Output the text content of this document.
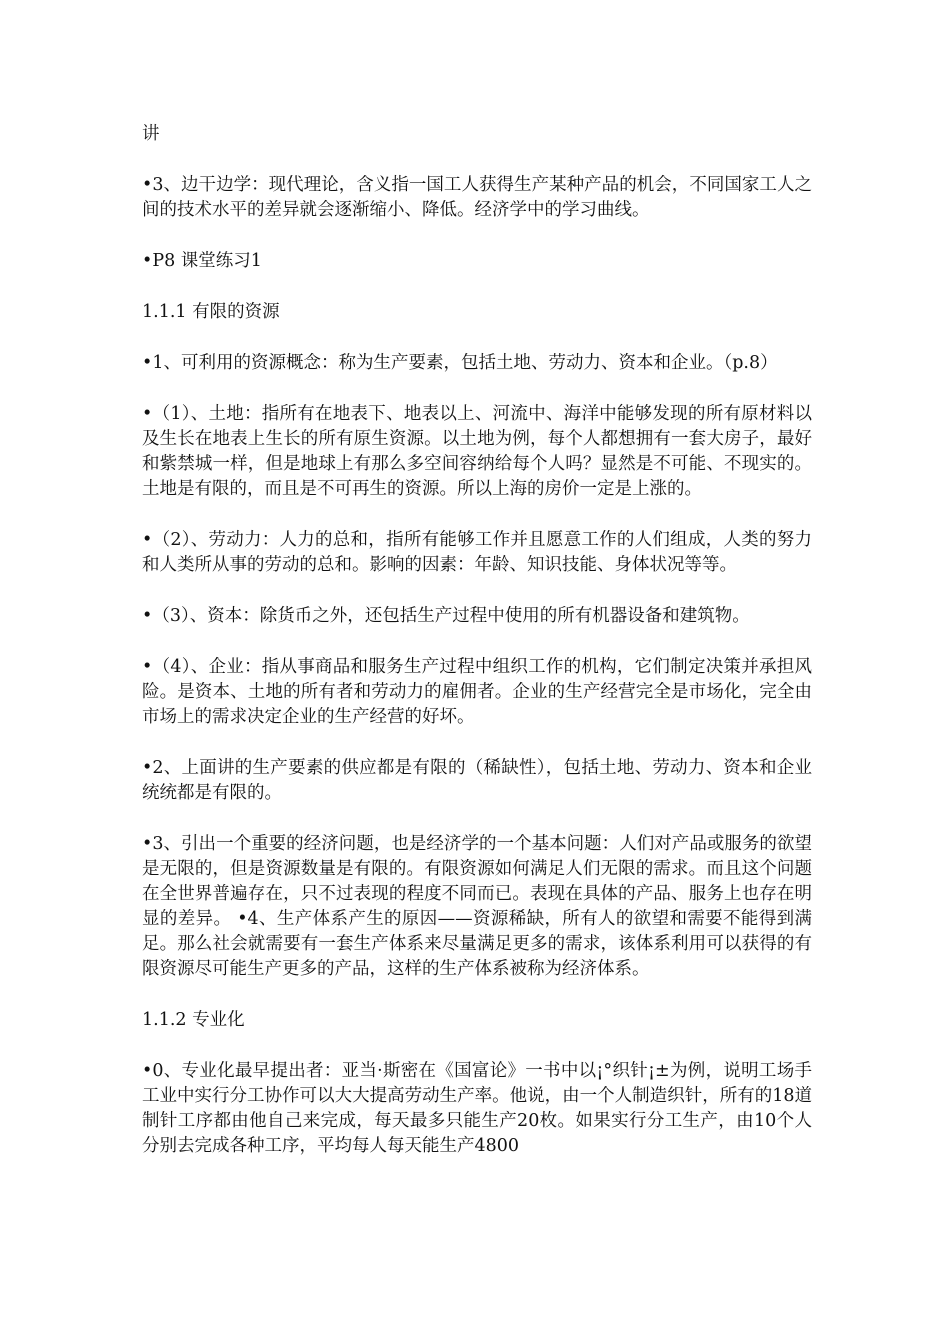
讲

•3、边干边学：现代理论，含义指一国工人获得生产某种产品的机会，不同国家工人之间的技术水平的差异就会逐渐缩小、降低。经济学中的学习曲线。

•P8 课堂练习1

1.1.1 有限的资源

•1、可利用的资源概念：称为生产要素，包括土地、劳动力、资本和企业。（p.8）

•（1）、土地：指所有在地表下、地表以上、河流中、海洋中能够发现的所有原材料以及生长在地表上生长的所有原生资源。以土地为例，每个人都想拥有一套大房子，最好和紫禁城一样，但是地球上有那么多空间容纳给每个人吗？显然是不可能、不现实的。土地是有限的，而且是不可再生的资源。所以上海的房价一定是上涨的。

•（2）、劳动力：人力的总和，指所有能够工作并且愿意工作的人们组成，人类的努力和人类所从事的劳动的总和。影响的因素：年龄、知识技能、身体状况等等。

•（3）、资本：除货币之外，还包括生产过程中使用的所有机器设备和建筑物。

•（4）、企业：指从事商品和服务生产过程中组织工作的机构，它们制定决策并承担风险。是资本、土地的所有者和劳动力的雇佣者。企业的生产经营完全是市场化，完全由市场上的需求决定企业的生产经营的好坏。

•2、上面讲的生产要素的供应都是有限的（稀缺性），包括土地、劳动力、资本和企业统统都是有限的。

•3、引出一个重要的经济问题，也是经济学的一个基本问题：人们对产品或服务的欲望是无限的，但是资源数量是有限的。有限资源如何满足人们无限的需求。而且这个问题在全世界普遍存在，只不过表现的程度不同而已。表现在具体的产品、服务上也存在明显的差异。 •4、生产体系产生的原因——资源稀缺，所有人的欲望和需要不能得到满足。那么社会就需要有一套生产体系来尽量满足更多的需求，该体系利用可以获得的有限资源尽可能生产更多的产品，这样的生产体系被称为经济体系。

1.1.2 专业化

•0、专业化最早提出者：亚当·斯密在《国富论》一书中以¡°织针¡±为例，说明工场手工业中实行分工协作可以大大提高劳动生产率。他说，由一个人制造织针，所有的18道制针工序都由他自己来完成，每天最多只能生产20枚。如果实行分工生产，由10个人分别去完成各种工序，平均每人每天能生产4800
